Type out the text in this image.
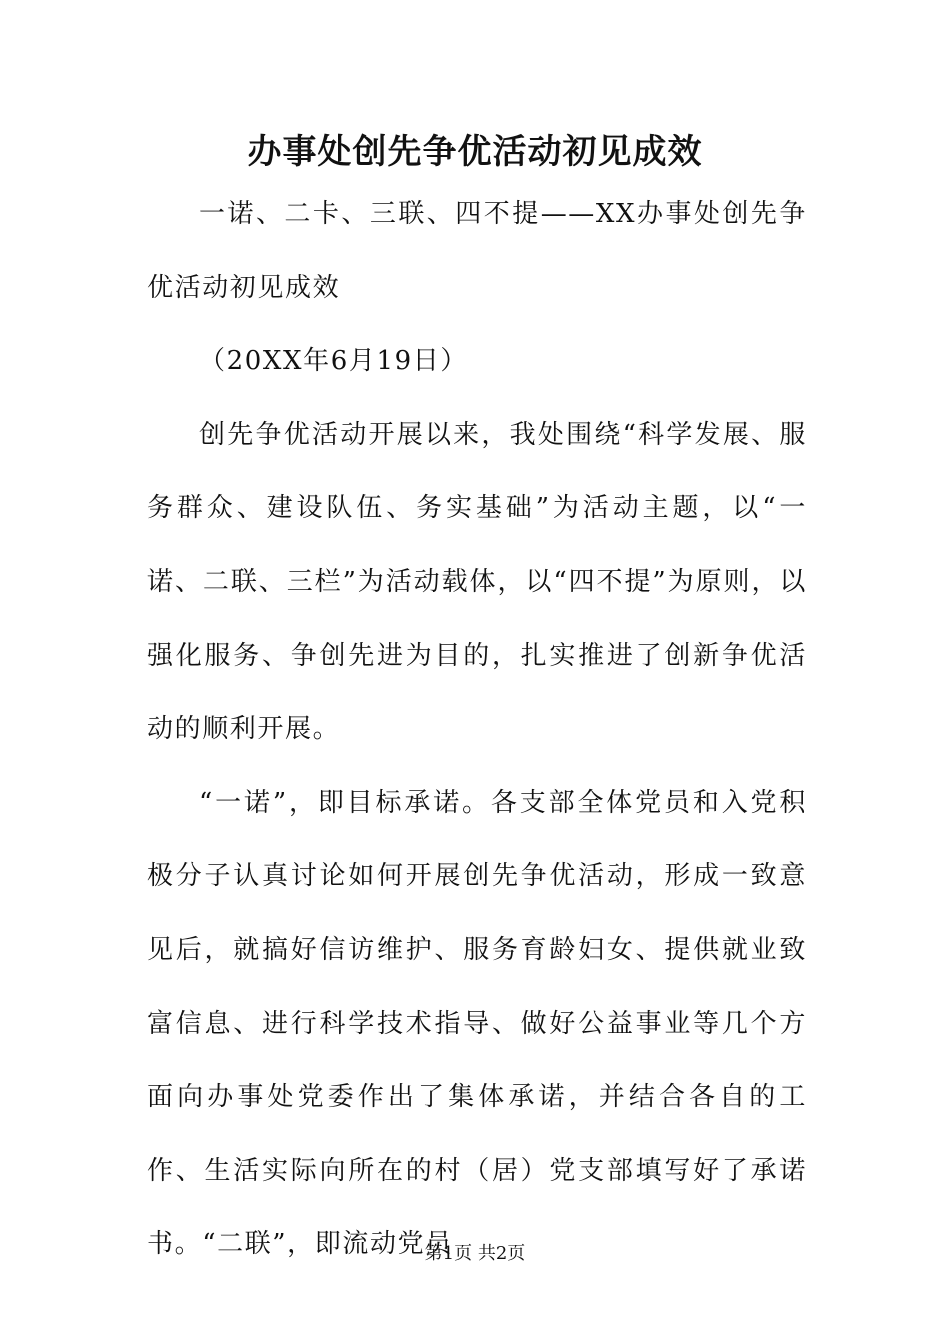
办事处创先争优活动初见成效

一诺、二卡、三联、四不提——XX办事处创先争优活动初见成效

（20XX年6月19日）

创先争优活动开展以来，我处围绕“科学发展、服务群众、建设队伍、务实基础”为活动主题，以“一诺、二联、三栏”为活动载体，以“四不提”为原则，以强化服务、争创先进为目的，扎实推进了创新争优活动的顺利开展。

“一诺”，即目标承诺。各支部全体党员和入党积极分子认真讨论如何开展创先争优活动，形成一致意见后，就搞好信访维护、服务育龄妇女、提供就业致富信息、进行科学技术指导、做好公益事业等几个方面向办事处党委作出了集体承诺，并结合各自的工作、生活实际向所在的村（居）党支部填写好了承诺书。“二联”，即流动党员

第1页 共2页
